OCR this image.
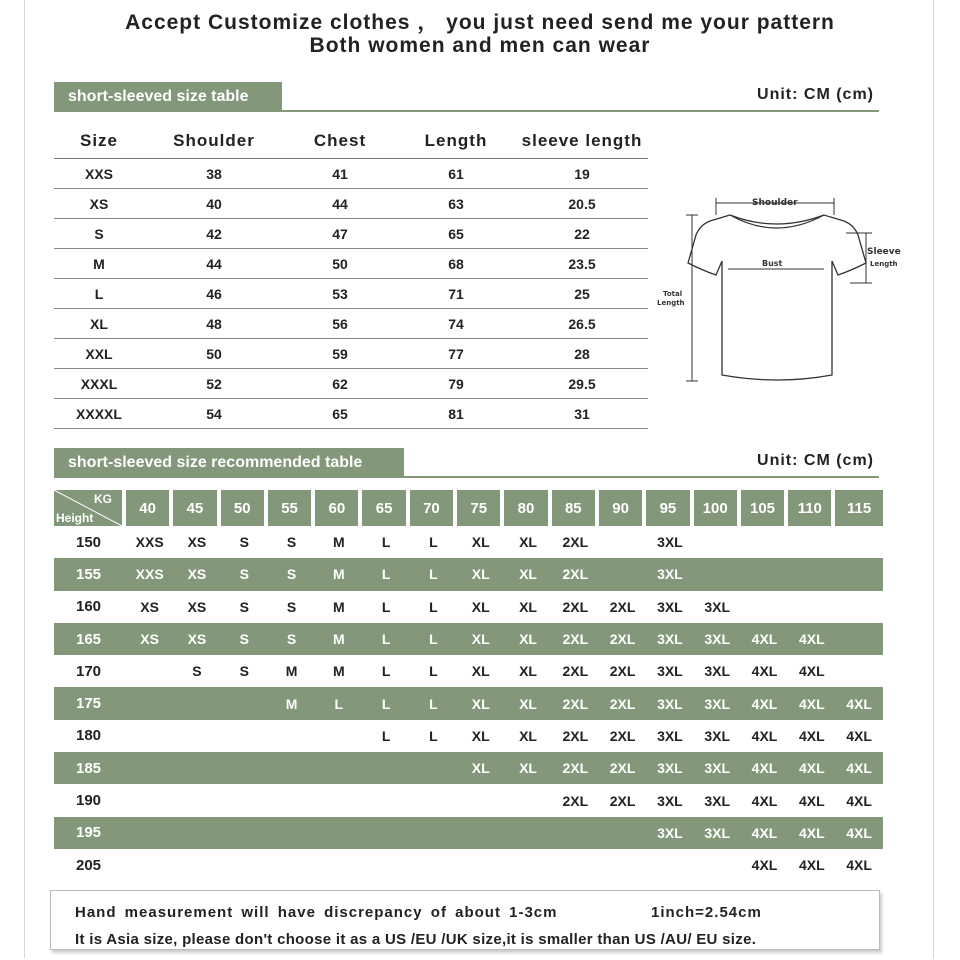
Accept Customize clothes ， you just need send me your pattern
Both women and men can wear
short-sleeved size table	Unit: CM (cm)
Size	Shoulder	Chest	Length	sleeve length
XXS	38	41	61	19
XS	40	44	63	20.5
S	42	47	65	22
M	44	50	68	23.5
L	46	53	71	25
XL	48	56	74	26.5
XXL	50	59	77	28
XXXL	52	62	79	29.5
XXXXL	54	65	81	31
Shoulder
Bust
Total
Length
Sleeve
Length
short-sleeved size recommended table	Unit: CM (cm)
KG
Height	40	45	50	55	60	65	70	75	80	85	90	95	100	105	110	115
150	XXS	XS	S	S	M	L	L	XL	XL	2XL		3XL				
155	XXS	XS	S	S	M	L	L	XL	XL	2XL		3XL				
160	XS	XS	S	S	M	L	L	XL	XL	2XL	2XL	3XL	3XL			
165	XS	XS	S	S	M	L	L	XL	XL	2XL	2XL	3XL	3XL	4XL	4XL	
170		S	S	M	M	L	L	XL	XL	2XL	2XL	3XL	3XL	4XL	4XL	
175				M	L	L	L	XL	XL	2XL	2XL	3XL	3XL	4XL	4XL	4XL
180						L	L	XL	XL	2XL	2XL	3XL	3XL	4XL	4XL	4XL
185								XL	XL	2XL	2XL	3XL	3XL	4XL	4XL	4XL
190										2XL	2XL	3XL	3XL	4XL	4XL	4XL
195												3XL	3XL	4XL	4XL	4XL
205														4XL	4XL	4XL
Hand measurement will have discrepancy of about 1-3cm	1inch=2.54cm
It is Asia size, please don't choose it as a US /EU /UK size,it is smaller than US /AU/ EU size.
